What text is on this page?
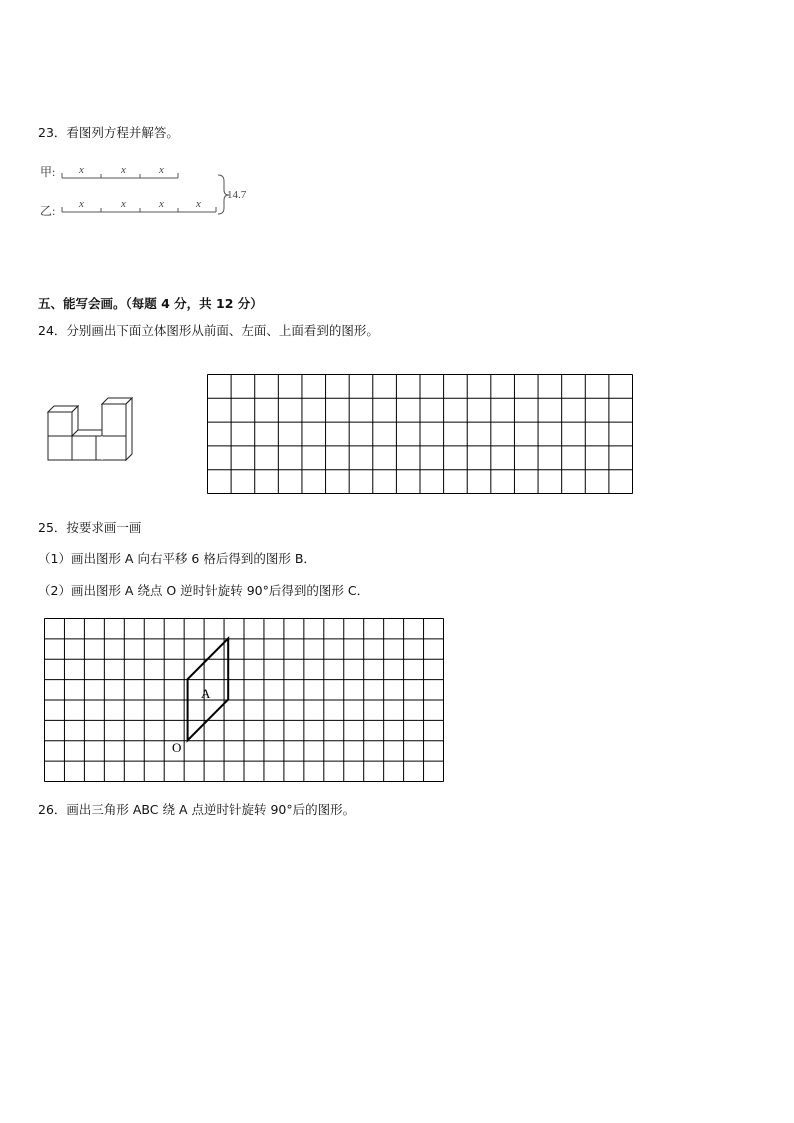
23．看图列方程并解答。
甲: x	x	x
乙: x	x	x	x
14.7
五、能写会画。（每题 4 分，共 12 分）
24．分别画出下面立体图形从前面、左面、上面看到的图形。
25．按要求画一画
（1）画出图形 A 向右平移 6 格后得到的图形 B．
（2）画出图形 A 绕点 O 逆时针旋转 90°后得到的图形 C．
A
O
26．画出三角形 ABC 绕 A 点逆时针旋转 90°后的图形。
